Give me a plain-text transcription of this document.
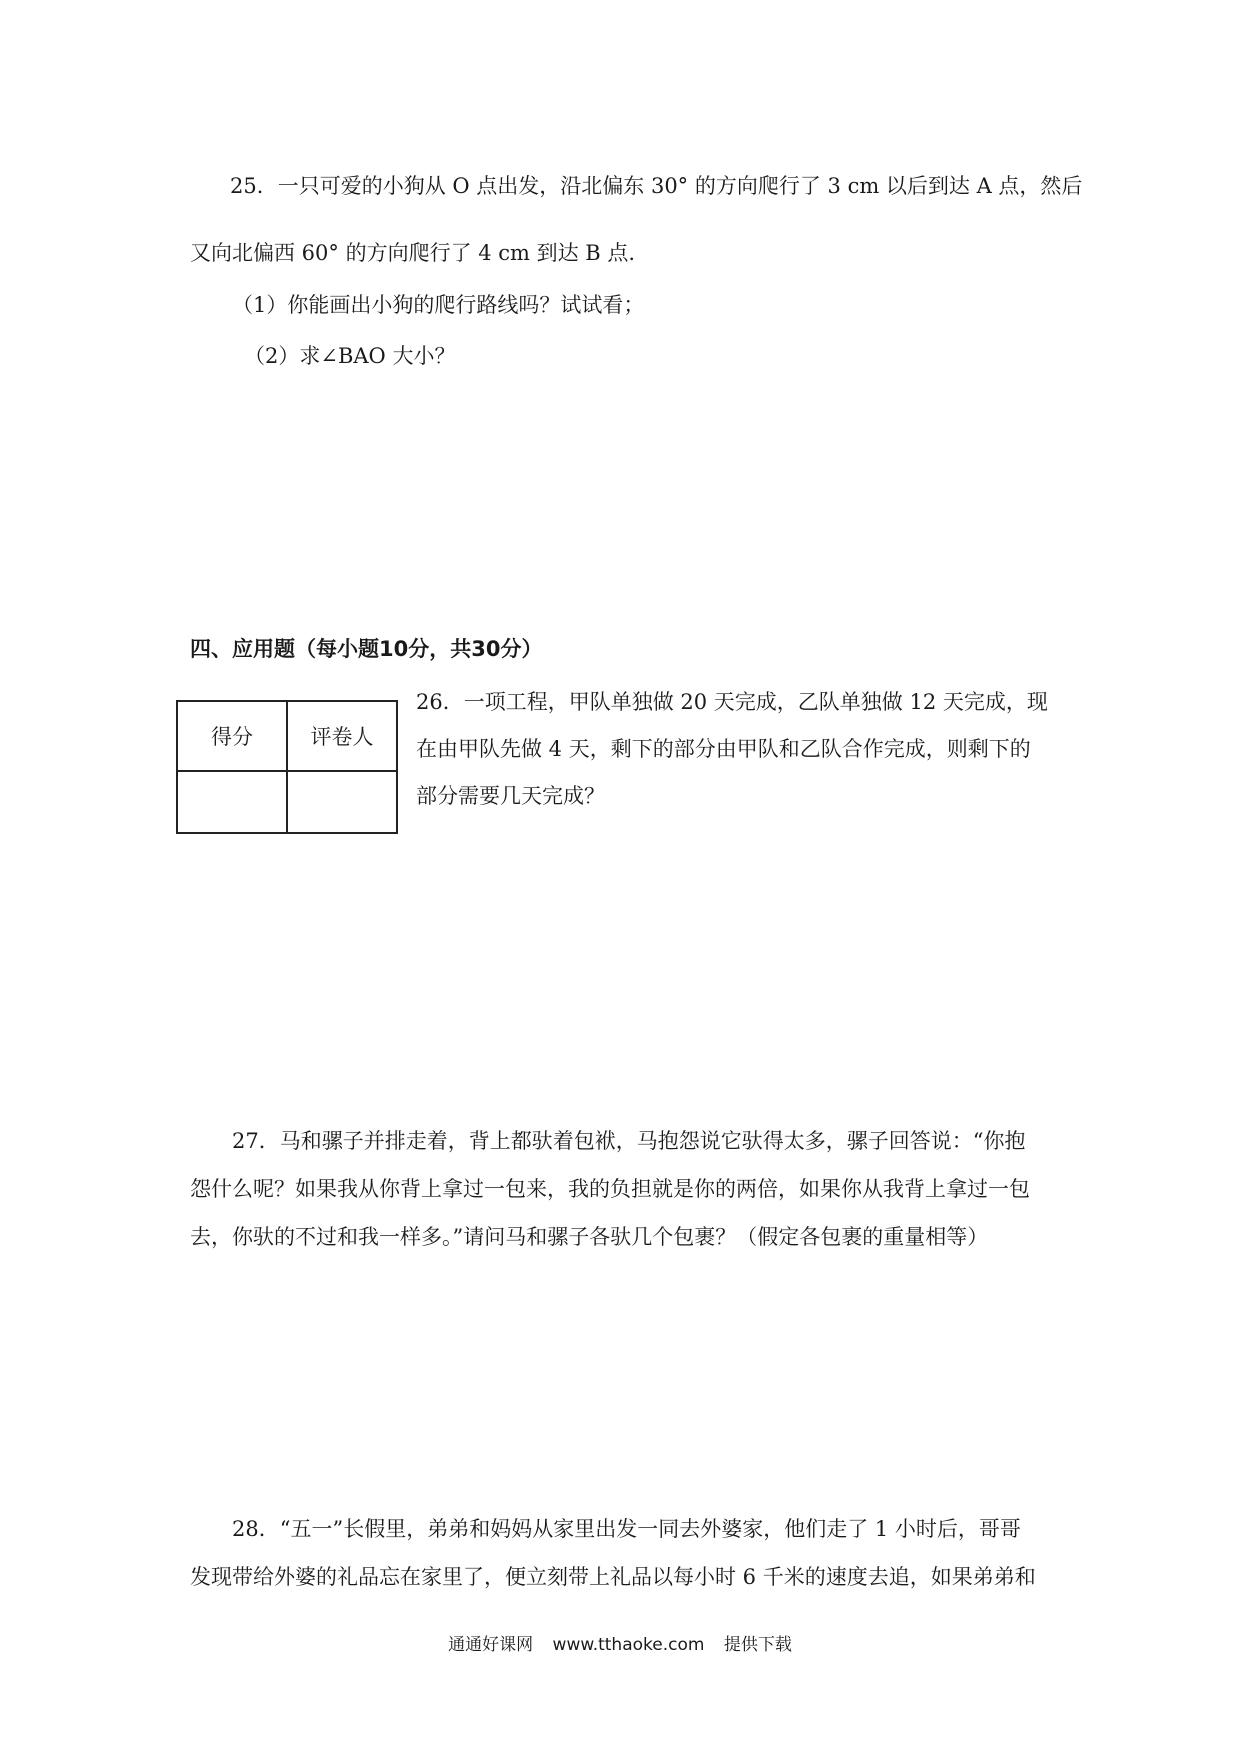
25．一只可爱的小狗从 O 点出发，沿北偏东 30° 的方向爬行了 3 cm 以后到达 A 点，然后
又向北偏西 60° 的方向爬行了 4 cm 到达 B 点.
（1）你能画出小狗的爬行路线吗？试试看；
（2）求∠BAO 大小？
四、应用题（每小题10分，共30分）
得分	评卷人

26．一项工程，甲队单独做 20 天完成，乙队单独做 12 天完成，现
在由甲队先做 4 天，剩下的部分由甲队和乙队合作完成，则剩下的
部分需要几天完成？
27．马和骡子并排走着，背上都驮着包袱，马抱怨说它驮得太多，骡子回答说：“你抱
怨什么呢？如果我从你背上拿过一包来，我的负担就是你的两倍，如果你从我背上拿过一包
去，你驮的不过和我一样多。”请问马和骡子各驮几个包裹？（假定各包裹的重量相等）
28．“五一”长假里，弟弟和妈妈从家里出发一同去外婆家，他们走了 1 小时后，哥哥
发现带给外婆的礼品忘在家里了，便立刻带上礼品以每小时 6 千米的速度去追，如果弟弟和
通通好课网 www.tthaoke.com 提供下载
